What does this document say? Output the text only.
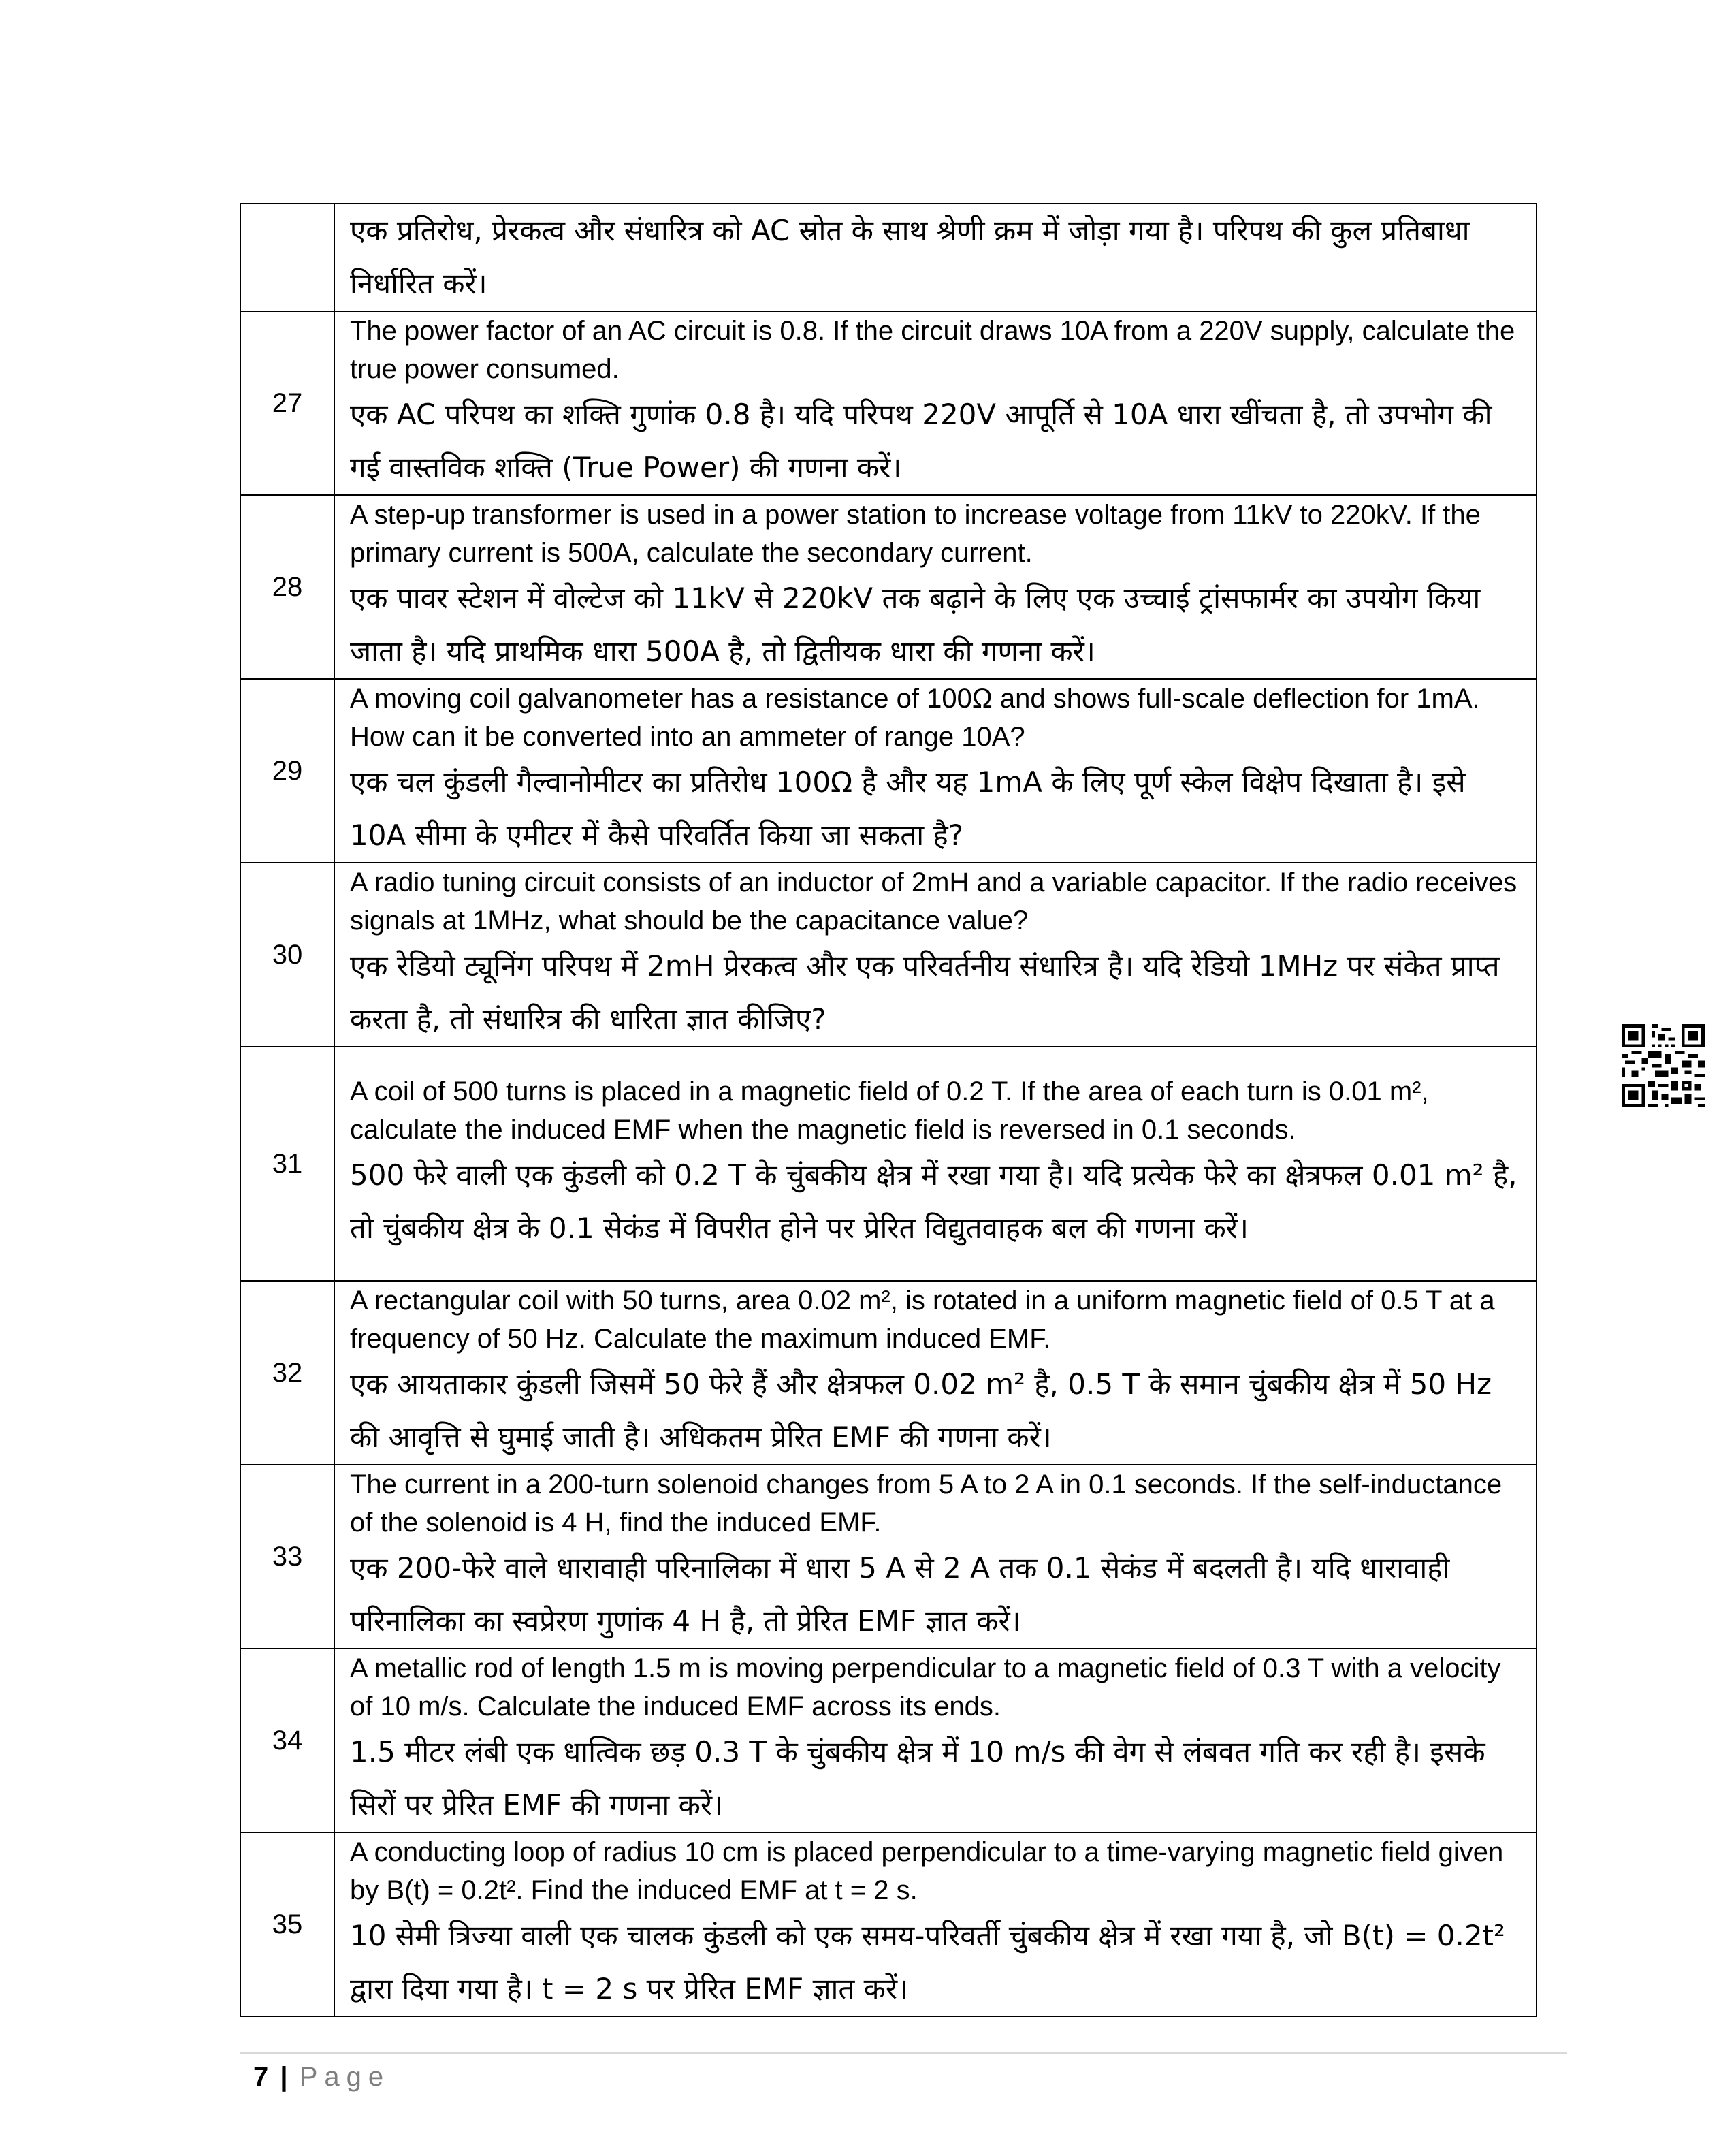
	एक प्रतिरोध, प्रेरकत्व और संधारित्र को AC स्रोत के साथ श्रेणी क्रम में जोड़ा गया है। परिपथ की कुल प्रतिबाधा निर्धारित करें।

27	The power factor of an AC circuit is 0.8. If the circuit draws 10A from a 220V supply, calculate the true power consumed.
एक AC परिपथ का शक्ति गुणांक 0.8 है। यदि परिपथ 220V आपूर्ति से 10A धारा खींचता है, तो उपभोग की गई वास्तविक शक्ति (True Power) की गणना करें।

28	A step-up transformer is used in a power station to increase voltage from 11kV to 220kV. If the primary current is 500A, calculate the secondary current.
एक पावर स्टेशन में वोल्टेज को 11kV से 220kV तक बढ़ाने के लिए एक उच्चाई ट्रांसफार्मर का उपयोग किया जाता है। यदि प्राथमिक धारा 500A है, तो द्वितीयक धारा की गणना करें।

29	A moving coil galvanometer has a resistance of 100Ω and shows full-scale deflection for 1mA. How can it be converted into an ammeter of range 10A?
एक चल कुंडली गैल्वानोमीटर का प्रतिरोध 100Ω है और यह 1mA के लिए पूर्ण स्केल विक्षेप दिखाता है। इसे 10A सीमा के एमीटर में कैसे परिवर्तित किया जा सकता है?

30	A radio tuning circuit consists of an inductor of 2mH and a variable capacitor. If the radio receives signals at 1MHz, what should be the capacitance value?
एक रेडियो ट्यूनिंग परिपथ में 2mH प्रेरकत्व और एक परिवर्तनीय संधारित्र है। यदि रेडियो 1MHz पर संकेत प्राप्त करता है, तो संधारित्र की धारिता ज्ञात कीजिए?

31	A coil of 500 turns is placed in a magnetic field of 0.2 T. If the area of each turn is 0.01 m², calculate the induced EMF when the magnetic field is reversed in 0.1 seconds.
500 फेरे वाली एक कुंडली को 0.2 T के चुंबकीय क्षेत्र में रखा गया है। यदि प्रत्येक फेरे का क्षेत्रफल 0.01 m² है, तो चुंबकीय क्षेत्र के 0.1 सेकंड में विपरीत होने पर प्रेरित विद्युतवाहक बल की गणना करें।

32	A rectangular coil with 50 turns, area 0.02 m², is rotated in a uniform magnetic field of 0.5 T at a frequency of 50 Hz. Calculate the maximum induced EMF.
एक आयताकार कुंडली जिसमें 50 फेरे हैं और क्षेत्रफल 0.02 m² है, 0.5 T के समान चुंबकीय क्षेत्र में 50 Hz की आवृत्ति से घुमाई जाती है। अधिकतम प्रेरित EMF की गणना करें।

33	The current in a 200-turn solenoid changes from 5 A to 2 A in 0.1 seconds. If the self-inductance of the solenoid is 4 H, find the induced EMF.
एक 200-फेरे वाले धारावाही परिनालिका में धारा 5 A से 2 A तक 0.1 सेकंड में बदलती है। यदि धारावाही परिनालिका का स्वप्रेरण गुणांक 4 H है, तो प्रेरित EMF ज्ञात करें।

34	A metallic rod of length 1.5 m is moving perpendicular to a magnetic field of 0.3 T with a velocity of 10 m/s. Calculate the induced EMF across its ends.
1.5 मीटर लंबी एक धात्विक छड़ 0.3 T के चुंबकीय क्षेत्र में 10 m/s की वेग से लंबवत गति कर रही है। इसके सिरों पर प्रेरित EMF की गणना करें।

35	A conducting loop of radius 10 cm is placed perpendicular to a time-varying magnetic field given by B(t) = 0.2t². Find the induced EMF at t = 2 s.
10 सेमी त्रिज्या वाली एक चालक कुंडली को एक समय-परिवर्ती चुंबकीय क्षेत्र में रखा गया है, जो B(t) = 0.2t² द्वारा दिया गया है। t = 2 s पर प्रेरित EMF ज्ञात करें।
7 | Page
